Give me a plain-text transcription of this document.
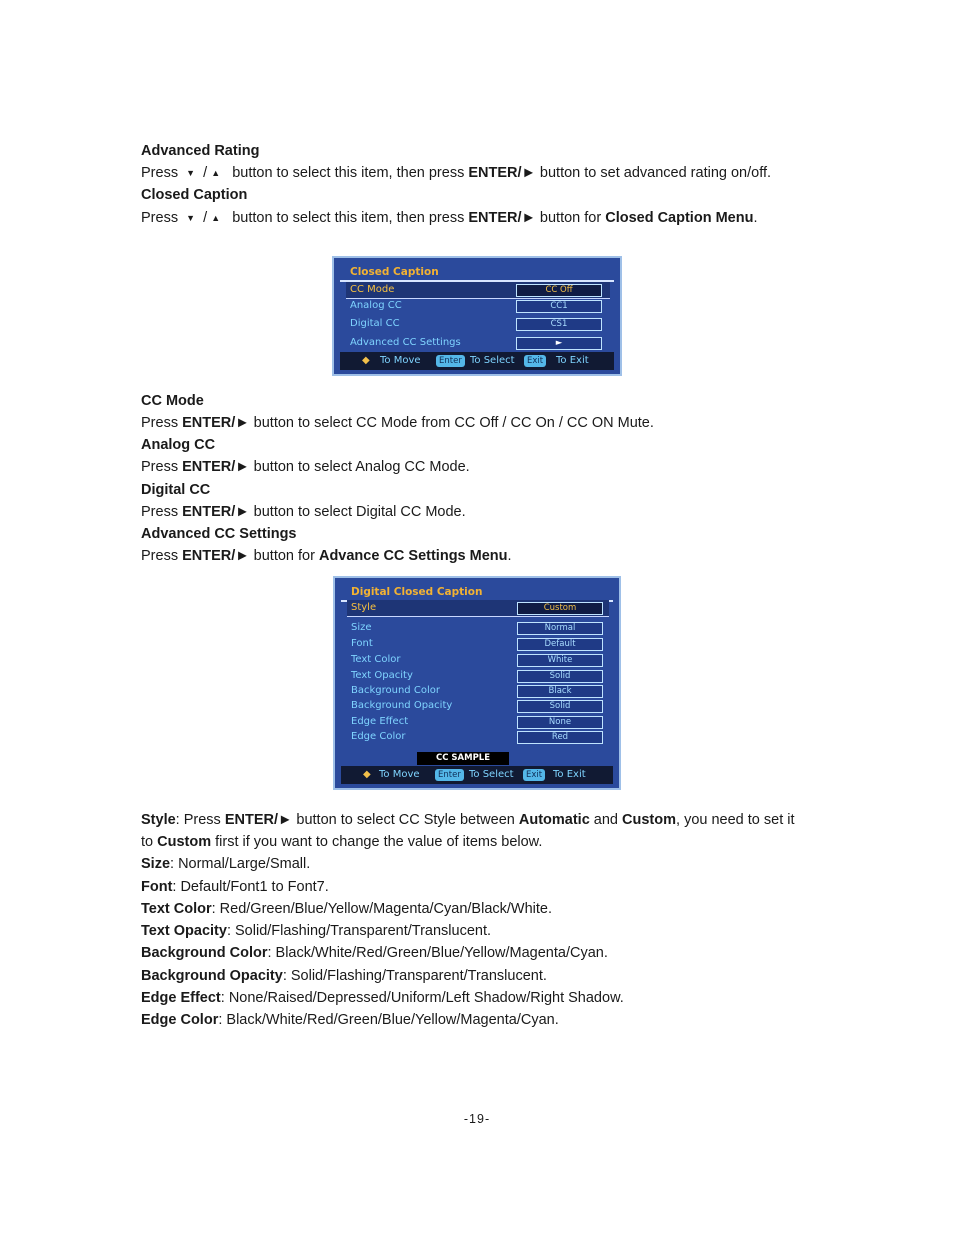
Advanced Rating
Press ▼  / ▲ button to select this item, then press ENTER/► button to set advanced rating on/off.
Closed Caption
Press ▼  / ▲ button to select this item, then press ENTER/► button for Closed Caption Menu.
Closed Caption
CC Mode	CC Off
Analog CC	CC1
Digital CC	CS1
Advanced CC Settings	►
◆ To Move	Enter To Select	Exit	To Exit
CC Mode
Press ENTER/► button to select CC Mode from CC Off / CC On / CC ON Mute.
Analog CC
Press ENTER/► button to select Analog CC Mode.
Digital CC
Press ENTER/► button to select Digital CC Mode.
Advanced CC Settings
Press ENTER/► button for Advance CC Settings Menu.
Digital Closed Caption
Style	Custom
Size	Normal
Font	Default
Text Color	White
Text Opacity	Solid
Background Color	Black
Background Opacity	Solid
Edge Effect	None
Edge Color	Red
CC SAMPLE
◆ To Move	Enter To Select	Exit	To Exit
Style: Press ENTER/► button to select CC Style between Automatic and Custom, you need to set it
to Custom first if you want to change the value of items below.
Size: Normal/Large/Small.
Font: Default/Font1 to Font7.
Text Color: Red/Green/Blue/Yellow/Magenta/Cyan/Black/White.
Text Opacity: Solid/Flashing/Transparent/Translucent.
Background Color: Black/White/Red/Green/Blue/Yellow/Magenta/Cyan.
Background Opacity: Solid/Flashing/Transparent/Translucent.
Edge Effect: None/Raised/Depressed/Uniform/Left Shadow/Right Shadow.
Edge Color: Black/White/Red/Green/Blue/Yellow/Magenta/Cyan.
-19-
